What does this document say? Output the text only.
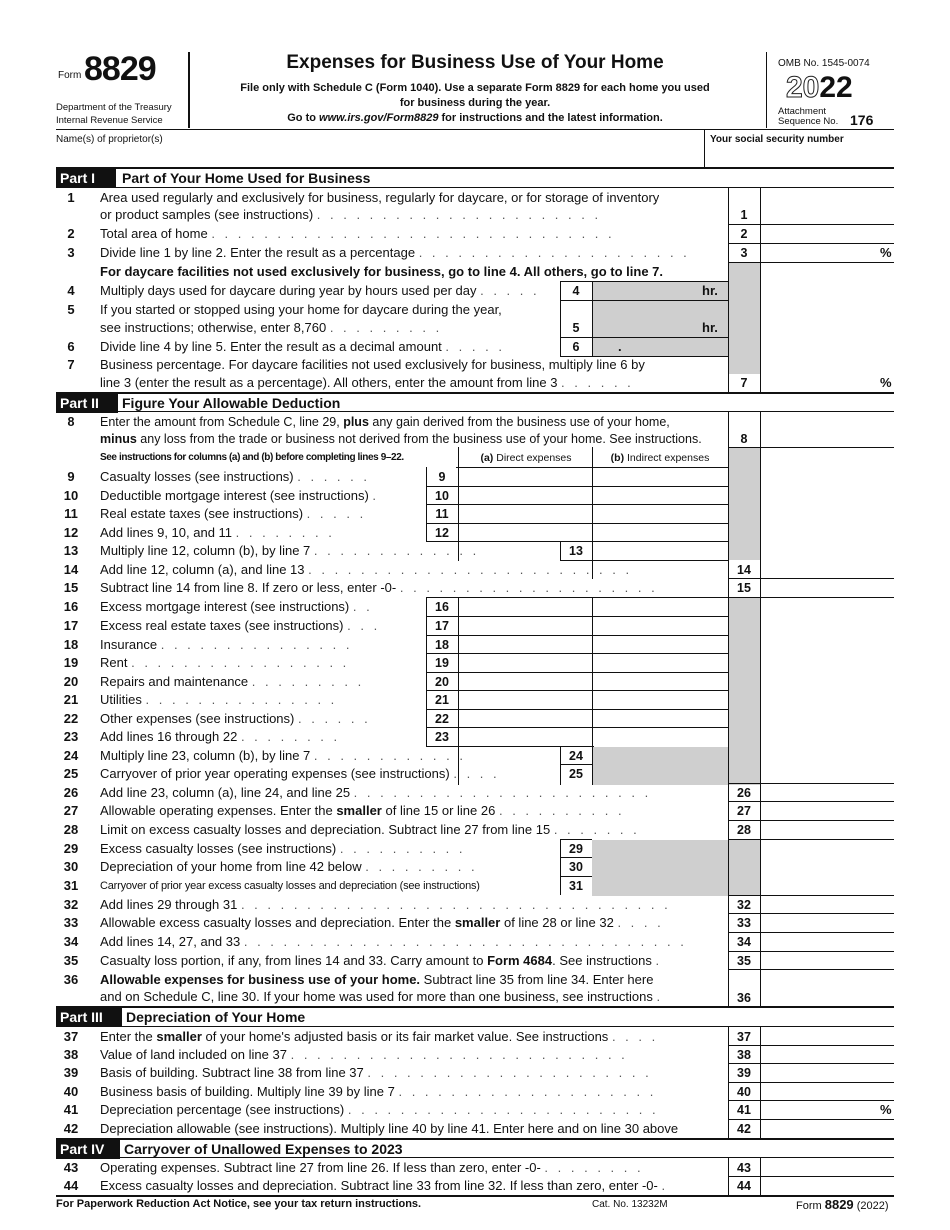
Form 8829
Department of the Treasury
Internal Revenue Service
Expenses for Business Use of Your Home
File only with Schedule C (Form 1040). Use a separate Form 8829 for each home you used
for business during the year.
Go to www.irs.gov/Form8829 for instructions and the latest information.
OMB No. 1545-0074
2022
Attachment
Sequence No. 176
Name(s) of proprietor(s)	Your social security number
Part I	Part of Your Home Used for Business
1	Area used regularly and exclusively for business, regularly for daycare, or for storage of inventory
or product samples (see instructions) . . . . . . . . . . . . . . . . . . . . . .	1
2	Total area of home . . . . . . . . . . . . . . . . . . . . . . . . . . . . . . .	2
3	Divide line 1 by line 2. Enter the result as a percentage . . . . . . . . . . . . . . . . . . . . .	3	%
For daycare facilities not used exclusively for business, go to line 4. All others, go to line 7.
4	Multiply days used for daycare during year by hours used per day . . . . .	4	hr.
5	If you started or stopped using your home for daycare during the year,
see instructions; otherwise, enter 8,760 . . . . . . . . .	5	hr.
6	Divide line 4 by line 5. Enter the result as a decimal amount . . . . .	6	.
7	Business percentage. For daycare facilities not used exclusively for business, multiply line 6 by
line 3 (enter the result as a percentage). All others, enter the amount from line 3 . . . . . .	7	%
Part II	Figure Your Allowable Deduction
8	Enter the amount from Schedule C, line 29, plus any gain derived from the business use of your home,
minus any loss from the trade or business not derived from the business use of your home. See instructions.	8
See instructions for columns (a) and (b) before completing lines 9–22.	(a) Direct expenses	(b) Indirect expenses
9	Casualty losses (see instructions) . . . . . .	9
10	Deductible mortgage interest (see instructions) .	10
11	Real estate taxes (see instructions) . . . . .	11
12	Add lines 9, 10, and 11 . . . . . . . .	12
13	Multiply line 12, column (b), by line 7 . . . . . . . . . . . . .	13
14	Add line 12, column (a), and line 13 . . . . . . . . . . . . . . . . . . . . . . . . .	14
15	Subtract line 14 from line 8. If zero or less, enter -0- . . . . . . . . . . . . . . . . . . . .	15
16	Excess mortgage interest (see instructions) . .	16
17	Excess real estate taxes (see instructions) . . .	17
18	Insurance . . . . . . . . . . . . . . .	18
19	Rent . . . . . . . . . . . . . . . . .	19
20	Repairs and maintenance . . . . . . . . .	20
21	Utilities . . . . . . . . . . . . . . .	21
22	Other expenses (see instructions) . . . . . .	22
23	Add lines 16 through 22 . . . . . . . .	23
24	Multiply line 23, column (b), by line 7 . . . . . . . . . . . .	24
25	Carryover of prior year operating expenses (see instructions) . . . .	25
26	Add line 23, column (a), line 24, and line 25 . . . . . . . . . . . . . . . . . . . . . . .	26
27	Allowable operating expenses. Enter the smaller of line 15 or line 26 . . . . . . . . . .	27
28	Limit on excess casualty losses and depreciation. Subtract line 27 from line 15 . . . . . . .	28
29	Excess casualty losses (see instructions) . . . . . . . . . .	29
30	Depreciation of your home from line 42 below . . . . . . . . .	30
31	Carryover of prior year excess casualty losses and depreciation (see instructions)	31
32	Add lines 29 through 31 . . . . . . . . . . . . . . . . . . . . . . . . . . . . . . . . .	32
33	Allowable excess casualty losses and depreciation. Enter the smaller of line 28 or line 32 . . . .	33
34	Add lines 14, 27, and 33 . . . . . . . . . . . . . . . . . . . . . . . . . . . . . . . . . .	34
35	Casualty loss portion, if any, from lines 14 and 33. Carry amount to Form 4684. See instructions .	35
36	Allowable expenses for business use of your home. Subtract line 35 from line 34. Enter here
and on Schedule C, line 30. If your home was used for more than one business, see instructions .	36
Part III	Depreciation of Your Home
37	Enter the smaller of your home's adjusted basis or its fair market value. See instructions . . . .	37
38	Value of land included on line 37 . . . . . . . . . . . . . . . . . . . . . . . . . .	38
39	Basis of building. Subtract line 38 from line 37 . . . . . . . . . . . . . . . . . . . . . .	39
40	Business basis of building. Multiply line 39 by line 7 . . . . . . . . . . . . . . . . . . . .	40
41	Depreciation percentage (see instructions) . . . . . . . . . . . . . . . . . . . . . . . .	41	%
42	Depreciation allowable (see instructions). Multiply line 40 by line 41. Enter here and on line 30 above	42
Part IV	Carryover of Unallowed Expenses to 2023
43	Operating expenses. Subtract line 27 from line 26. If less than zero, enter -0- . . . . . . . .	43
44	Excess casualty losses and depreciation. Subtract line 33 from line 32. If less than zero, enter -0- .	44
For Paperwork Reduction Act Notice, see your tax return instructions.	Cat. No. 13232M	Form 8829 (2022)
